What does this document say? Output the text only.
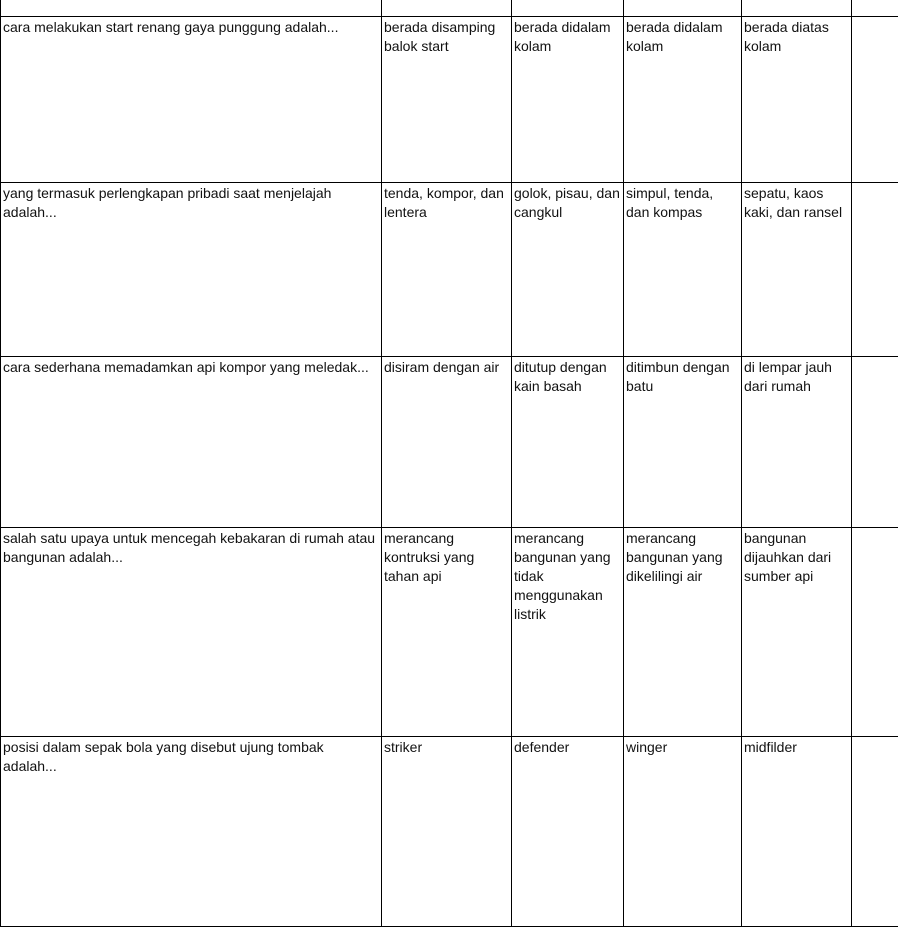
cara melakukan start renang gaya punggung adalah...	berada disamping balok start	berada didalam kolam	berada didalam kolam	berada diatas kolam	
yang termasuk perlengkapan pribadi saat menjelajah adalah...	tenda, kompor, dan lentera	golok, pisau, dan cangkul	simpul, tenda, dan kompas	sepatu, kaos kaki, dan ransel	
cara sederhana memadamkan api kompor yang meledak...	disiram dengan air	ditutup dengan kain basah	ditimbun dengan batu	di lempar jauh dari rumah	
salah satu upaya untuk mencegah kebakaran di rumah atau bangunan adalah...	merancang kontruksi yang tahan api	merancang bangunan yang tidak menggunakan listrik	merancang bangunan yang dikelilingi air	bangunan dijauhkan dari sumber api	
posisi dalam sepak bola yang disebut ujung tombak adalah...	striker	defender	winger	midfilder	
